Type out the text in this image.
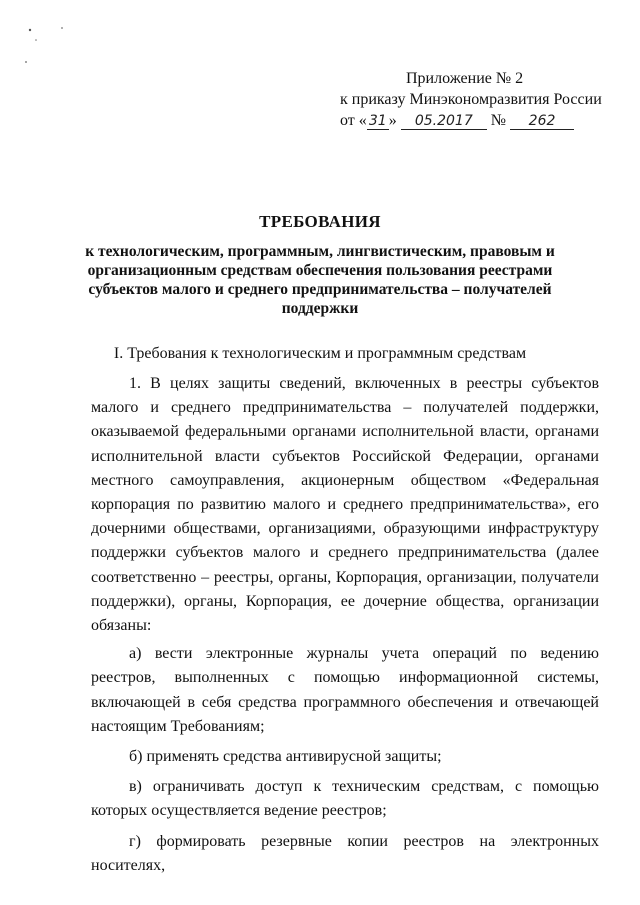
Приложение № 2
к приказу Минэкономразвития России
от « 31 » 05.2017 № 262
ТРЕБОВАНИЯ
к технологическим, программным, лингвистическим, правовым и организационным средствам обеспечения пользования реестрами субъектов малого и среднего предпринимательства – получателей поддержки
I. Требования к технологическим и программным средствам

1. В целях защиты сведений, включенных в реестры субъектов малого и среднего предпринимательства – получателей поддержки, оказываемой федеральными органами исполнительной власти, органами исполнительной власти субъектов Российской Федерации, органами местного самоуправления, акционерным обществом «Федеральная корпорация по развитию малого и среднего предпринимательства», его дочерними обществами, организациями, образующими инфраструктуру поддержки субъектов малого и среднего предпринимательства (далее соответственно – реестры, органы, Корпорация, организации, получатели поддержки), органы, Корпорация, ее дочерние общества, организации обязаны:

а) вести электронные журналы учета операций по ведению реестров, выполненных с помощью информационной системы, включающей в себя средства программного обеспечения и отвечающей настоящим Требованиям;

б) применять средства антивирусной защиты;

в) ограничивать доступ к техническим средствам, с помощью которых осуществляется ведение реестров;

г) формировать резервные копии реестров на электронных носителях,
